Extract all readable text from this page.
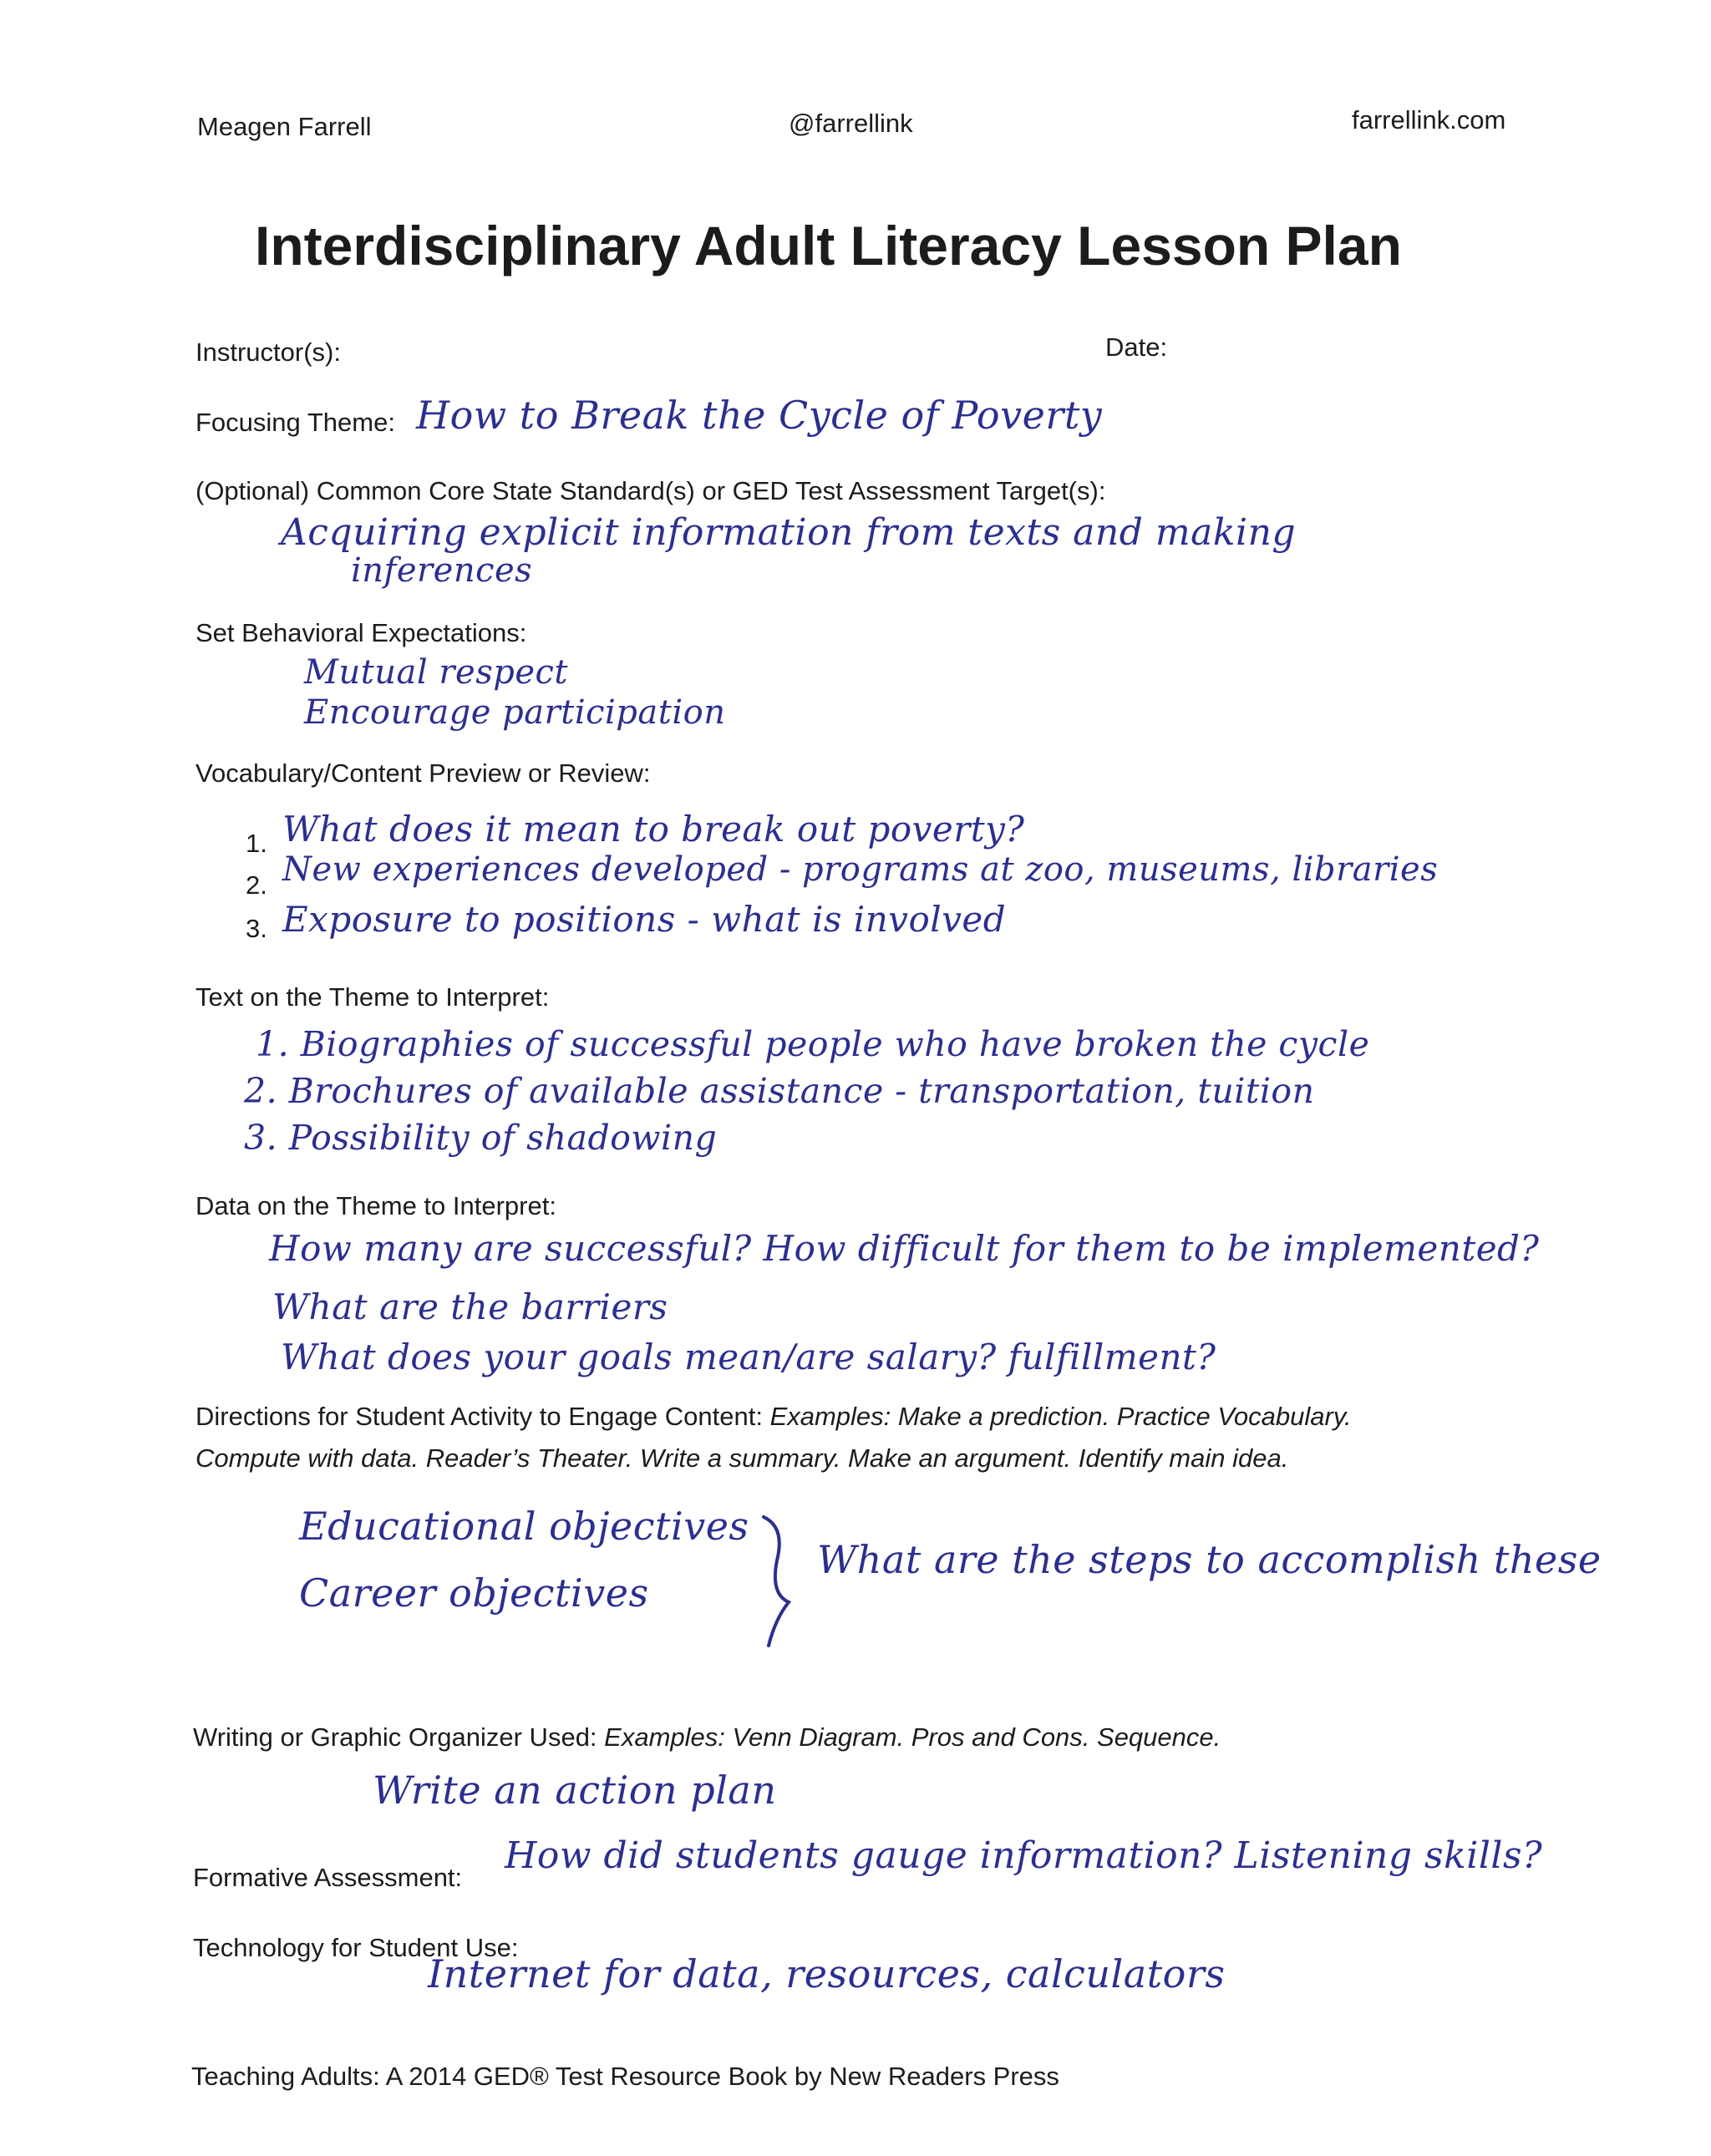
Meagen Farrell	@farrellink	farrellink.com
Interdisciplinary Adult Literacy Lesson Plan
Instructor(s):	Date:
Focusing Theme: How to Break the Cycle of Poverty
(Optional) Common Core State Standard(s) or GED Test Assessment Target(s):
Acquiring explicit information from texts and making
inferences
Set Behavioral Expectations:
Mutual respect
Encourage participation
Vocabulary/Content Preview or Review:
1. What does it mean to break out poverty?
2. New experiences developed - programs at zoo, museums, libraries
3. Exposure to positions - what is involved
Text on the Theme to Interpret:
1. Biographies of successful people who have broken the cycle
2. Brochures of available assistance - transportation, tuition
3. Possibility of shadowing
Data on the Theme to Interpret:
How many are successful? How difficult for them to be implemented?
What are the barriers
What does your goals mean/are salary? fulfillment?
Directions for Student Activity to Engage Content: Examples: Make a prediction. Practice Vocabulary.
Compute with data. Reader’s Theater. Write a summary. Make an argument. Identify main idea.
Educational objectives
Career objectives
What are the steps to accomplish these
Writing or Graphic Organizer Used: Examples: Venn Diagram. Pros and Cons. Sequence.
Write an action plan
Formative Assessment:
How did students gauge information? Listening skills?
Technology for Student Use:
Internet for data, resources, calculators
Teaching Adults: A 2014 GED® Test Resource Book by New Readers Press
